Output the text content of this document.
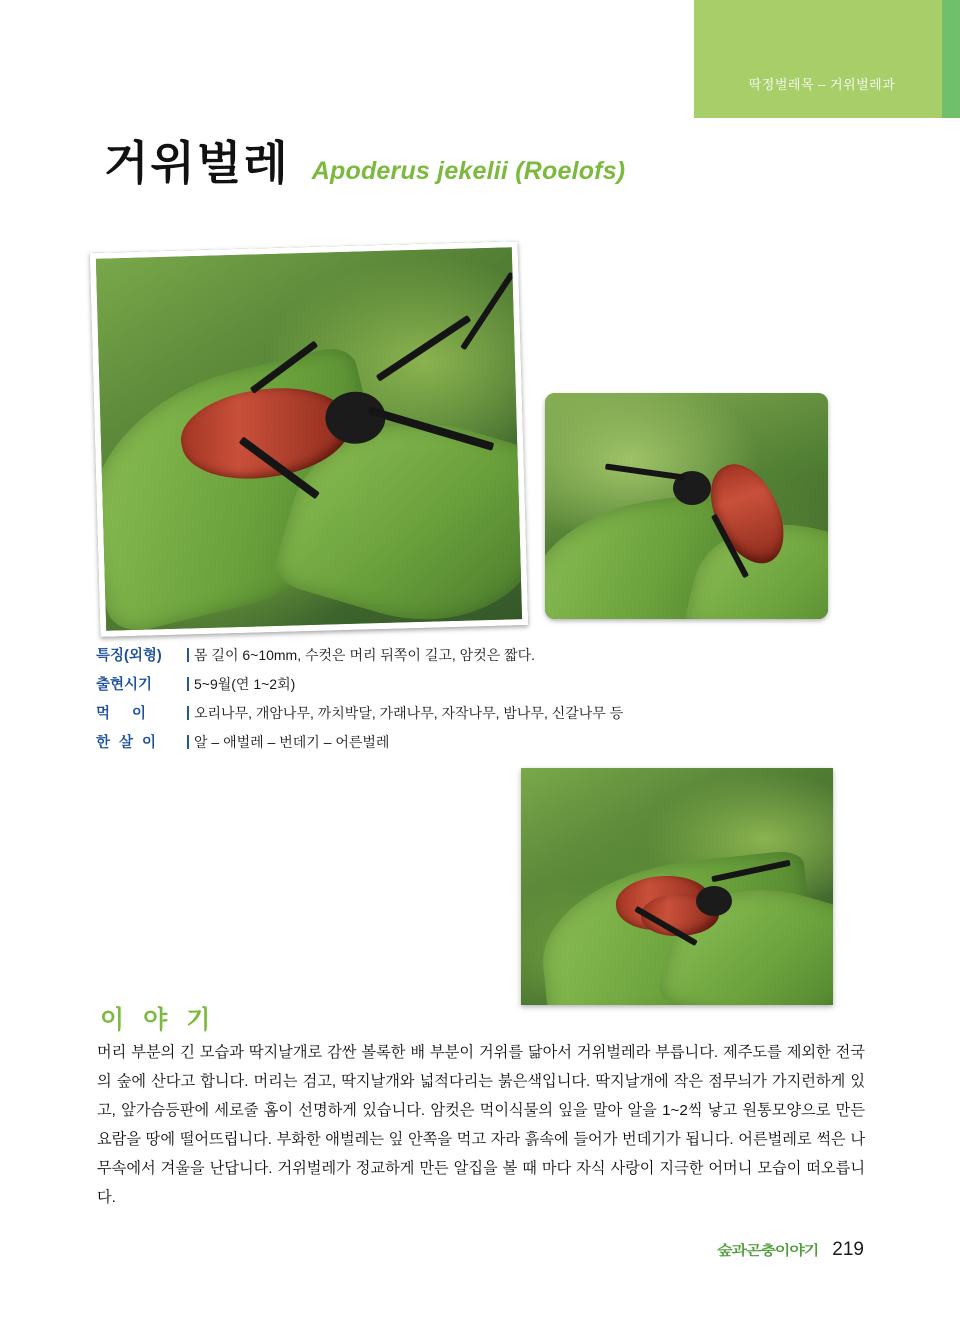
딱정벌레목 – 거위벌레과
거위벌레 Apoderus jekelii (Roelofs)
특징(외형)	| 몸 길이 6~10mm, 수컷은 머리 뒤쪽이 길고, 암컷은 짧다.
출현시기	| 5~9월(연 1~2회)
먹이	| 오리나무, 개암나무, 까치박달, 가래나무, 자작나무, 밤나무, 신갈나무 등
한살이	| 알 – 애벌레 – 번데기 – 어른벌레
이 야 기
머리 부분의 긴 모습과 딱지날개로 감싼 볼록한 배 부분이 거위를 닮아서 거위벌레라 부릅니다. 제주도를 제외한 전국의 숲에 산다고 합니다. 머리는 검고, 딱지날개와 넓적다리는 붉은색입니다. 딱지날개에 작은 점무늬가 가지런하게 있고, 앞가슴등판에 세로줄 홈이 선명하게 있습니다. 암컷은 먹이식물의 잎을 말아 알을 1~2씩 낳고 원통모양으로 만든 요람을 땅에 떨어뜨립니다. 부화한 애벌레는 잎 안쪽을 먹고 자라 흙속에 들어가 번데기가 됩니다. 어른벌레로 썩은 나무속에서 겨울을 난답니다. 거위벌레가 정교하게 만든 알집을 볼 때 마다 자식 사랑이 지극한 어머니 모습이 떠오릅니다.
숲과곤충이야기 219
